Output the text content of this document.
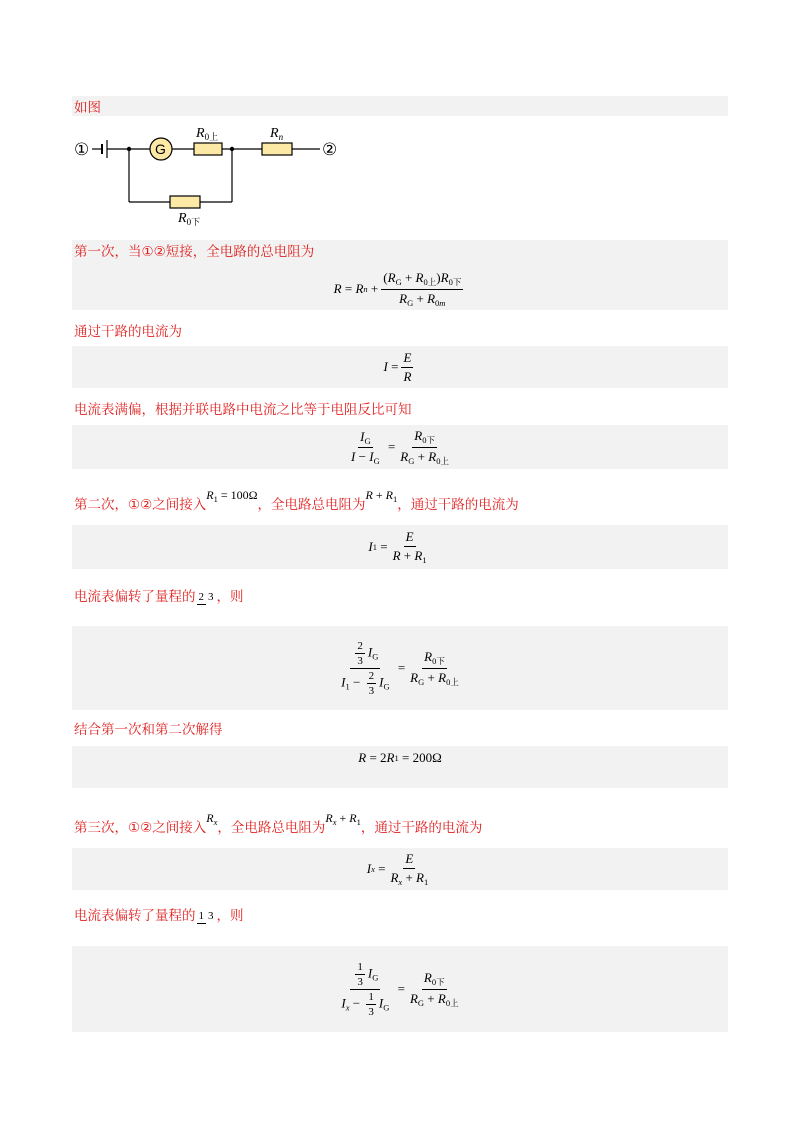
如图
①	G
$R_{0上}$	$R_n$
②
$R_{0下}$
第一次，当①②短接，全电路的总电阻为
R = R $n + \frac{(R_G + R_{0上})R_{0下}}{R_G + R_{0m}}$
通过干路的电流为
$I = \frac{E}{R}$
电流表满偏，根据并联电路中电流之比等于电阻反比可知
$\frac{I_G}{I - I_G} = \frac{R_{0下}}{R_G + R_{0上}}$
第二次，①②之间接入$R_1 = 100\Omega$，全电路总电阻为$R + R_1$，通过干路的电流为
I $1 = \frac{E}{R + R_1}$
电流表偏转了量程的 2 3 ，则
$\frac{\frac{2}{3} I_G}{I_1 - \frac{2}{3} I_G} = \frac{R_{0下}}{R_G + R_{0上}}$
结合第一次和第二次解得
R = 2 R 1 = 200Ω
第三次，①②之间接入$R_x$，全电路总电阻为$R_x + R_1$，通过干路的电流为
I $x = \frac{E}{R_x + R_1}$
电流表偏转了量程的 1 3 ，则
$\frac{\frac{1}{3} I_G}{I_x - \frac{1}{3} I_G} = \frac{R_{0下}}{R_G + R_{0上}}$
